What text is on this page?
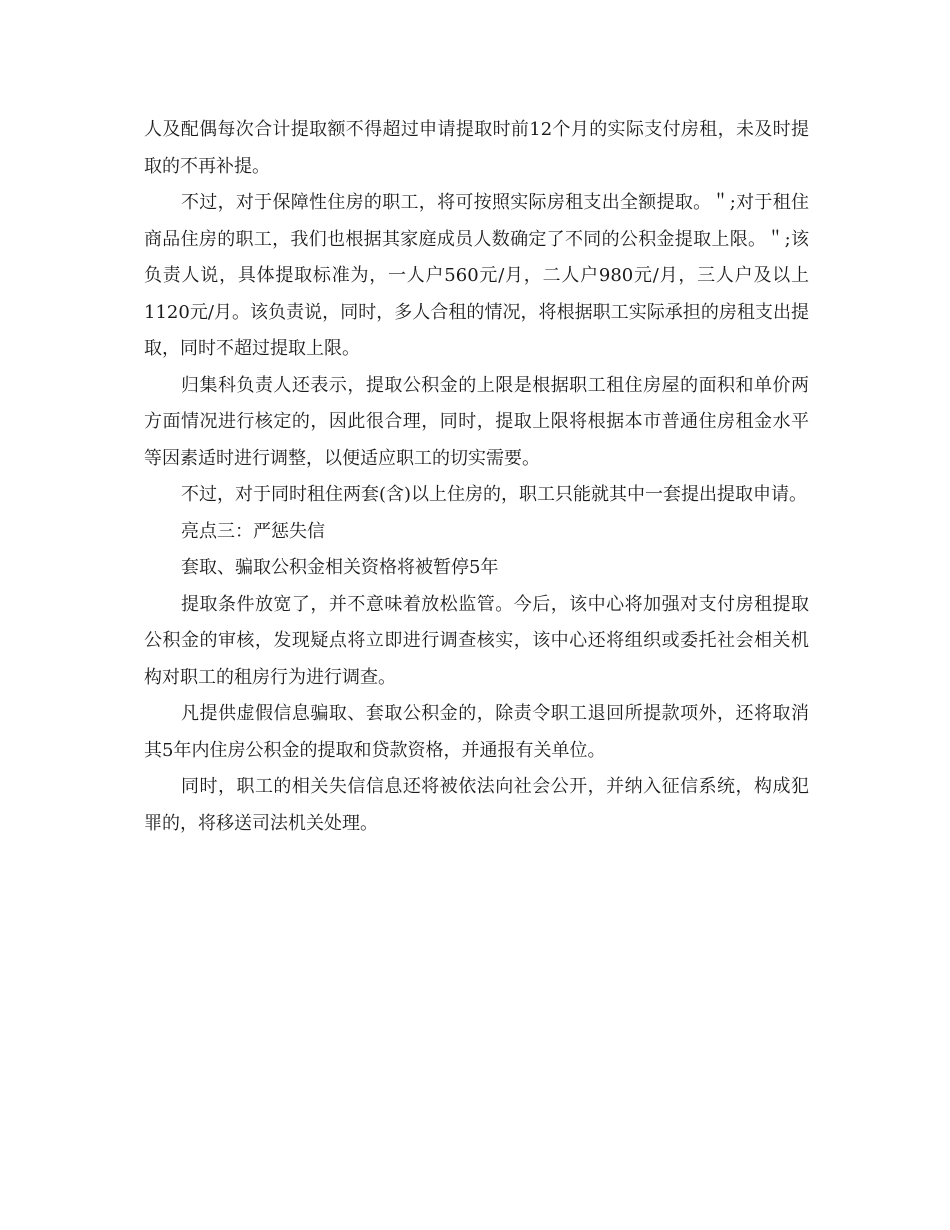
人及配偶每次合计提取额不得超过申请提取时前12个月的实际支付房租，未及时提取的不再补提。

不过，对于保障性住房的职工，将可按照实际房租支出全额提取。＂;对于租住商品住房的职工，我们也根据其家庭成员人数确定了不同的公积金提取上限。＂;该负责人说，具体提取标准为，一人户560元/月，二人户980元/月，三人户及以上1120元/月。该负责说，同时，多人合租的情况，将根据职工实际承担的房租支出提取，同时不超过提取上限。

归集科负责人还表示，提取公积金的上限是根据职工租住房屋的面积和单价两方面情况进行核定的，因此很合理，同时，提取上限将根据本市普通住房租金水平等因素适时进行调整，以便适应职工的切实需要。

不过，对于同时租住两套(含)以上住房的，职工只能就其中一套提出提取申请。

亮点三：严惩失信

套取、骗取公积金相关资格将被暂停5年

提取条件放宽了，并不意味着放松监管。今后，该中心将加强对支付房租提取公积金的审核，发现疑点将立即进行调查核实，该中心还将组织或委托社会相关机构对职工的租房行为进行调查。

凡提供虚假信息骗取、套取公积金的，除责令职工退回所提款项外，还将取消其5年内住房公积金的提取和贷款资格，并通报有关单位。

同时，职工的相关失信信息还将被依法向社会公开，并纳入征信系统，构成犯罪的，将移送司法机关处理。
